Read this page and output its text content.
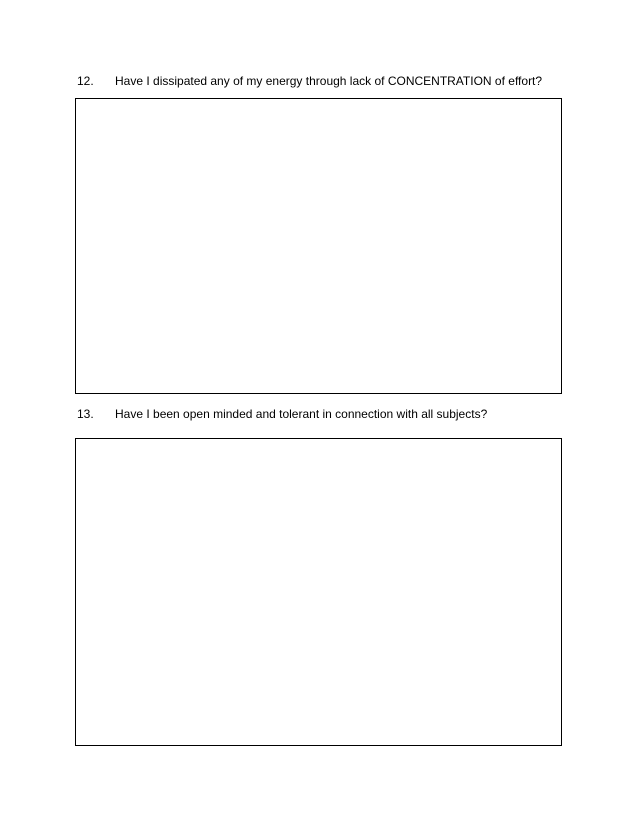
12. Have I dissipated any of my energy through lack of CONCENTRATION of effort?
13. Have I been open minded and tolerant in connection with all subjects?
